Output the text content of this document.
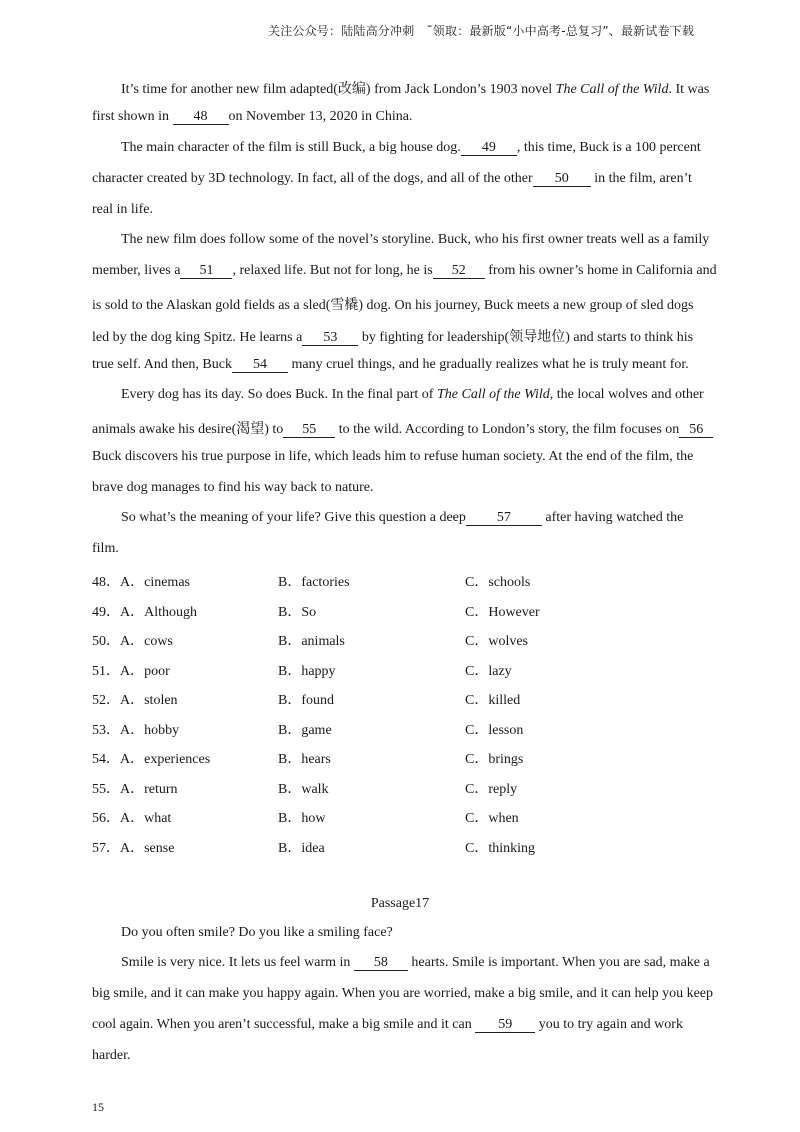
关注公众号：陆陆高分冲刺　˜领取：最新版“小中高考-总复习”、最新试卷下载
It’s time for another new film adapted(改编) from Jack London’s 1903 novel The Call of the Wild. It was
first shown in 48 on November 13, 2020 in China.
The main character of the film is still Buck, a big house dog. 49 , this time, Buck is a 100 percent
character created by 3D technology. In fact, all of the dogs, and all of the other 50 in the film, aren’t
real in life.
The new film does follow some of the novel’s storyline. Buck, who his first owner treats well as a family
member, lives a 51 , relaxed life. But not for long, he is 52 from his owner’s home in California and
is sold to the Alaskan gold fields as a sled(雪橇) dog. On his journey, Buck meets a new group of sled dogs
led by the dog king Spitz. He learns a 53 by fighting for leadership(领导地位) and starts to think his
true self. And then, Buck 54 many cruel things, and he gradually realizes what he is truly meant for.
Every dog has its day. So does Buck. In the final part of The Call of the Wild, the local wolves and other
animals awake his desire(渴望) to 55 to the wild. According to London’s story, the film focuses on 56
Buck discovers his true purpose in life, which leads him to refuse human society. At the end of the film, the
brave dog manages to find his way back to nature.
So what’s the meaning of your life? Give this question a deep 57 after having watched the
film.
48． A．cinemas	B．factories	C．schools
49． A．Although	B．So	C．However
50． A．cows	B．animals	C．wolves
51． A．poor	B．happy	C．lazy
52． A．stolen	B．found	C．killed
53． A．hobby	B．game	C．lesson
54． A．experiences	B．hears	C．brings
55． A．return	B．walk	C．reply
56． A．what	B．how	C．when
57． A．sense	B．idea	C．thinking
Passage17
Do you often smile? Do you like a smiling face?
Smile is very nice. It lets us feel warm in 58 hearts. Smile is important. When you are sad, make a
big smile, and it can make you happy again. When you are worried, make a big smile, and it can help you keep
cool again. When you aren’t successful, make a big smile and it can 59 you to try again and work
harder.
15
